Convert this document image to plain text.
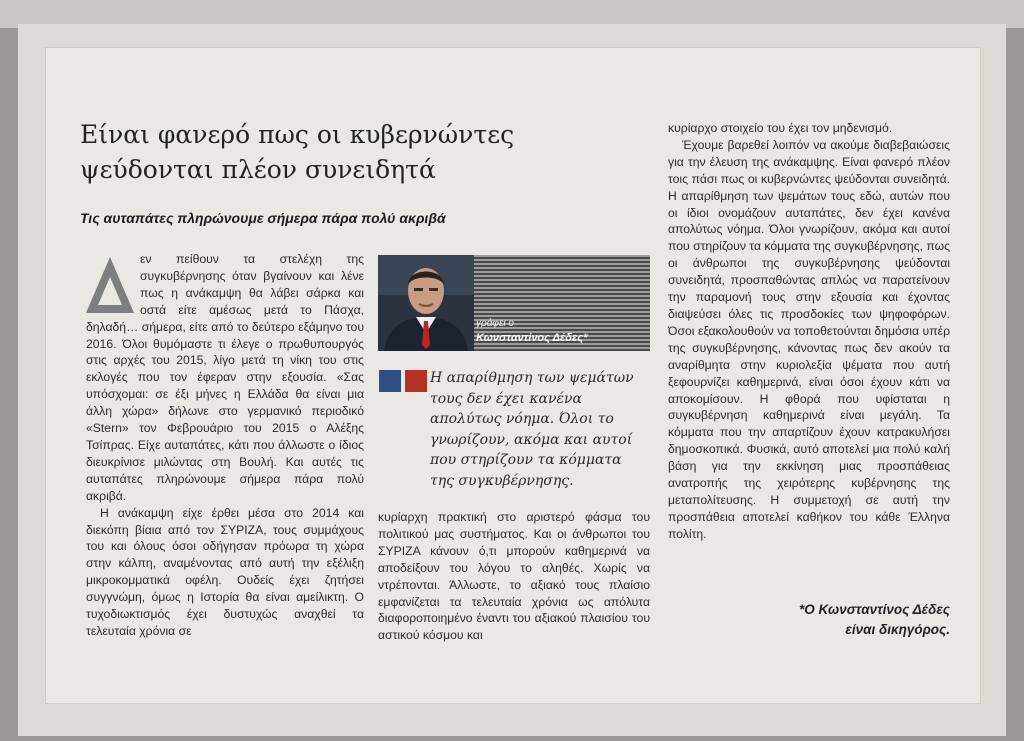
Είναι φανερό πως οι κυβερνώντες ψεύδονται πλέον συνειδητά
Τις αυταπάτες πληρώνουμε σήμερα πάρα πολύ ακριβά

εν πείθουν τα στελέχη της συγκυβέρνησης όταν βγαίνουν και λένε πως η ανάκαμψη θα λάβει σάρκα και οστά είτε αμέσως μετά το Πάσχα, δηλαδή… σήμερα, είτε από το δεύτερο εξάμηνο του 2016. Όλοι θυμόμαστε τι έλεγε ο πρωθυπουργός στις αρχές του 2015, λίγο μετά τη νίκη του στις εκλογές που τον έφεραν στην εξουσία. «Σας υπόσχομαι: σε έξι μήνες η Ελλάδα θα είναι μια άλλη χώρα» δήλωνε στο γερμανικό περιοδικό «Stern» τον Φεβρουάριο του 2015 ο Αλέξης Τσίπρας. Είχε αυταπάτες, κάτι που άλλωστε ο ίδιος διευκρίνισε μιλώντας στη Βουλή. Και αυτές τις αυταπάτες πληρώνουμε σήμερα πάρα πολύ ακριβά.

Η ανάκαμψη είχε έρθει μέσα στο 2014 και διεκόπη βίαια από τον ΣΥΡΙΖΑ, τους συμμάχους του και όλους όσοι οδήγησαν πρόωρα τη χώρα στην κάλπη, αναμένοντας από αυτή την εξέλιξη μικροκομματικά οφέλη. Ουδείς έχει ζητήσει συγγνώμη, όμως η Ιστορία θα είναι αμείλικτη. Ο τυχοδιωκτισμός έχει δυστυχώς αναχθεί τα τελευταία χρόνια σε

γράφει ο
Κωνσταντίνος Δέδες*

Η απαρίθμηση των ψεμάτων τους δεν έχει κανένα απολύτως νόημα. Όλοι το γνωρίζουν, ακόμα και αυτοί που στηρίζουν τα κόμματα της συγκυβέρνησης.

κυρίαρχη πρακτική στο αριστερό φάσμα του πολιτικού μας συστήματος. Και οι άνθρωποι του ΣΥΡΙΖΑ κάνουν ό,τι μπορούν καθημερινά να αποδείξουν του λόγου το αληθές. Χωρίς να ντρέπονται. Άλλωστε, το αξιακό τους πλαίσιο εμφανίζεται τα τελευταία χρόνια ως απόλυτα διαφοροποιημένο έναντι του αξιακού πλαισίου του αστικού κόσμου και

κυρίαρχο στοιχείο του έχει τον μηδενισμό.

Έχουμε βαρεθεί λοιπόν να ακούμε διαβεβαιώσεις για την έλευση της ανάκαμψης. Είναι φανερό πλέον τοις πάσι πως οι κυβερνώντες ψεύδονται συνειδητά. Η απαρίθμηση των ψεμάτων τους εδώ, αυτών που οι ίδιοι ονομάζουν αυταπάτες, δεν έχει κανένα απολύτως νόημα. Όλοι γνωρίζουν, ακόμα και αυτοί που στηρίζουν τα κόμματα της συγκυβέρνησης, πως οι άνθρωποι της συγκυβέρνησης ψεύδονται συνειδητά, προσπαθώντας απλώς να παρατείνουν την παραμονή τους στην εξουσία και έχοντας διαψεύσει όλες τις προσδοκίες των ψηφοφόρων. Όσοι εξακολουθούν να τοποθετούνται δημόσια υπέρ της συγκυβέρνησης, κάνοντας πως δεν ακούν τα αναρίθμητα στην κυριολεξία ψέματα που αυτή ξεφουρνίζει καθημερινά, είναι όσοι έχουν κάτι να αποκομίσουν. Η φθορά που υφίσταται η συγκυβέρνηση καθημερινά είναι μεγάλη. Τα κόμματα που την απαρτίζουν έχουν κατρακυλήσει δημοσκοπικά. Φυσικά, αυτό αποτελεί μια πολύ καλή βάση για την εκκίνηση μιας προσπάθειας ανατροπής της χειρότερης κυβέρνησης της μεταπολίτευσης. Η συμμετοχή σε αυτή την προσπάθεια αποτελεί καθήκον του κάθε Έλληνα πολίτη.

*Ο Κωνσταντίνος Δέδες
είναι δικηγόρος.
